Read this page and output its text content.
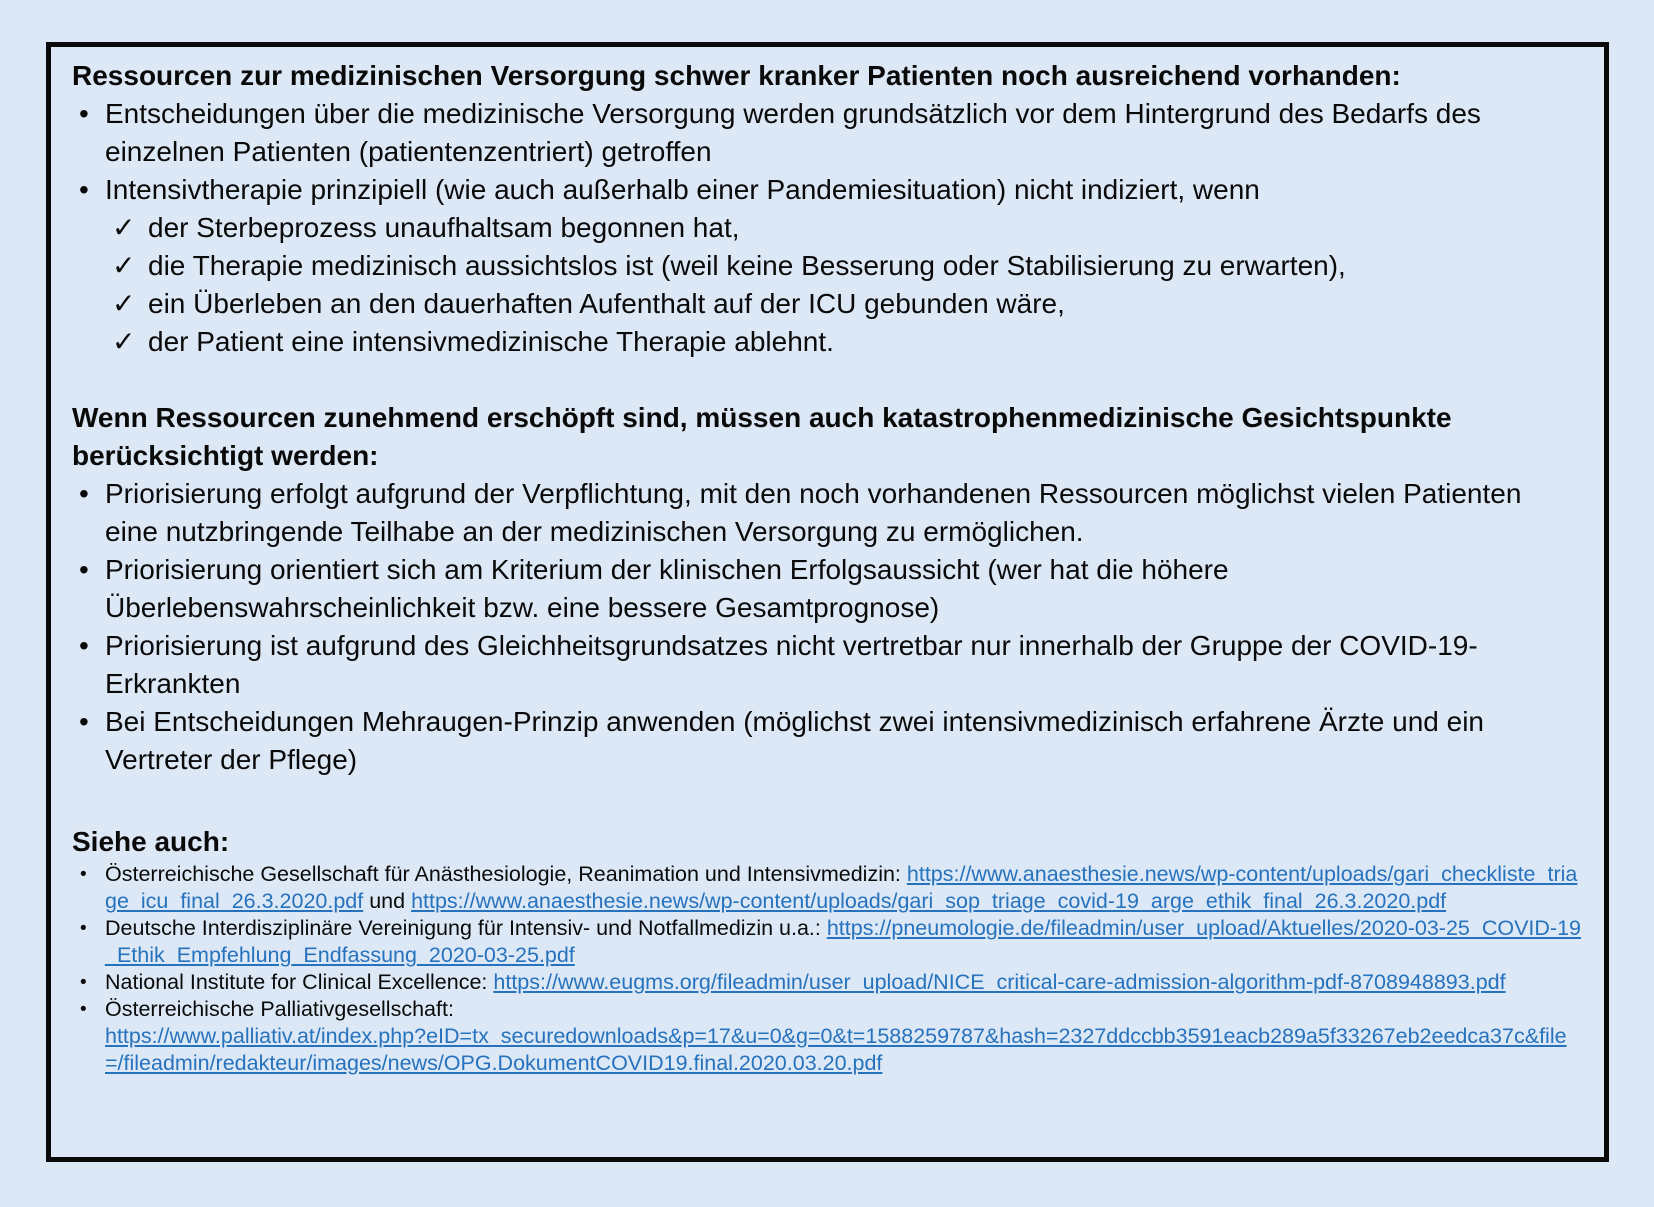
Ressourcen zur medizinischen Versorgung schwer kranker Patienten noch ausreichend vorhanden:

• Entscheidungen über die medizinische Versorgung werden grundsätzlich vor dem Hintergrund des Bedarfs des einzelnen Patienten (patientenzentriert) getroffen
• Intensivtherapie prinzipiell (wie auch außerhalb einer Pandemiesituation) nicht indiziert, wenn
✓ der Sterbeprozess unaufhaltsam begonnen hat,
✓ die Therapie medizinisch aussichtslos ist (weil keine Besserung oder Stabilisierung zu erwarten),
✓ ein Überleben an den dauerhaften Aufenthalt auf der ICU gebunden wäre,
✓ der Patient eine intensivmedizinische Therapie ablehnt.

Wenn Ressourcen zunehmend erschöpft sind, müssen auch katastrophenmedizinische Gesichtspunkte berücksichtigt werden:

• Priorisierung erfolgt aufgrund der Verpflichtung, mit den noch vorhandenen Ressourcen möglichst vielen Patienten eine nutzbringende Teilhabe an der medizinischen Versorgung zu ermöglichen.
• Priorisierung orientiert sich am Kriterium der klinischen Erfolgsaussicht (wer hat die höhere Überlebenswahrscheinlichkeit bzw. eine bessere Gesamtprognose)
• Priorisierung ist aufgrund des Gleichheitsgrundsatzes nicht vertretbar nur innerhalb der Gruppe der COVID-19-Erkrankten
• Bei Entscheidungen Mehraugen-Prinzip anwenden (möglichst zwei intensivmedizinisch erfahrene Ärzte und ein Vertreter der Pflege)

Siehe auch:

• Österreichische Gesellschaft für Anästhesiologie, Reanimation und Intensivmedizin: https://www.anaesthesie.news/wp-content/uploads/gari_checkliste_triage_icu_final_26.3.2020.pdf und https://www.anaesthesie.news/wp-content/uploads/gari_sop_triage_covid-19_arge_ethik_final_26.3.2020.pdf
• Deutsche Interdisziplinäre Vereinigung für Intensiv- und Notfallmedizin u.a.: https://pneumologie.de/fileadmin/user_upload/Aktuelles/2020-03-25_COVID-19_Ethik_Empfehlung_Endfassung_2020-03-25.pdf
• National Institute for Clinical Excellence: https://www.eugms.org/fileadmin/user_upload/NICE_critical-care-admission-algorithm-pdf-8708948893.pdf
• Österreichische Palliativgesellschaft:
https://www.palliativ.at/index.php?eID=tx_securedownloads&p=17&u=0&g=0&t=1588259787&hash=2327ddccbb3591eacb289a5f33267eb2eedca37c&file=/fileadmin/redakteur/images/news/OPG.DokumentCOVID19.final.2020.03.20.pdf
